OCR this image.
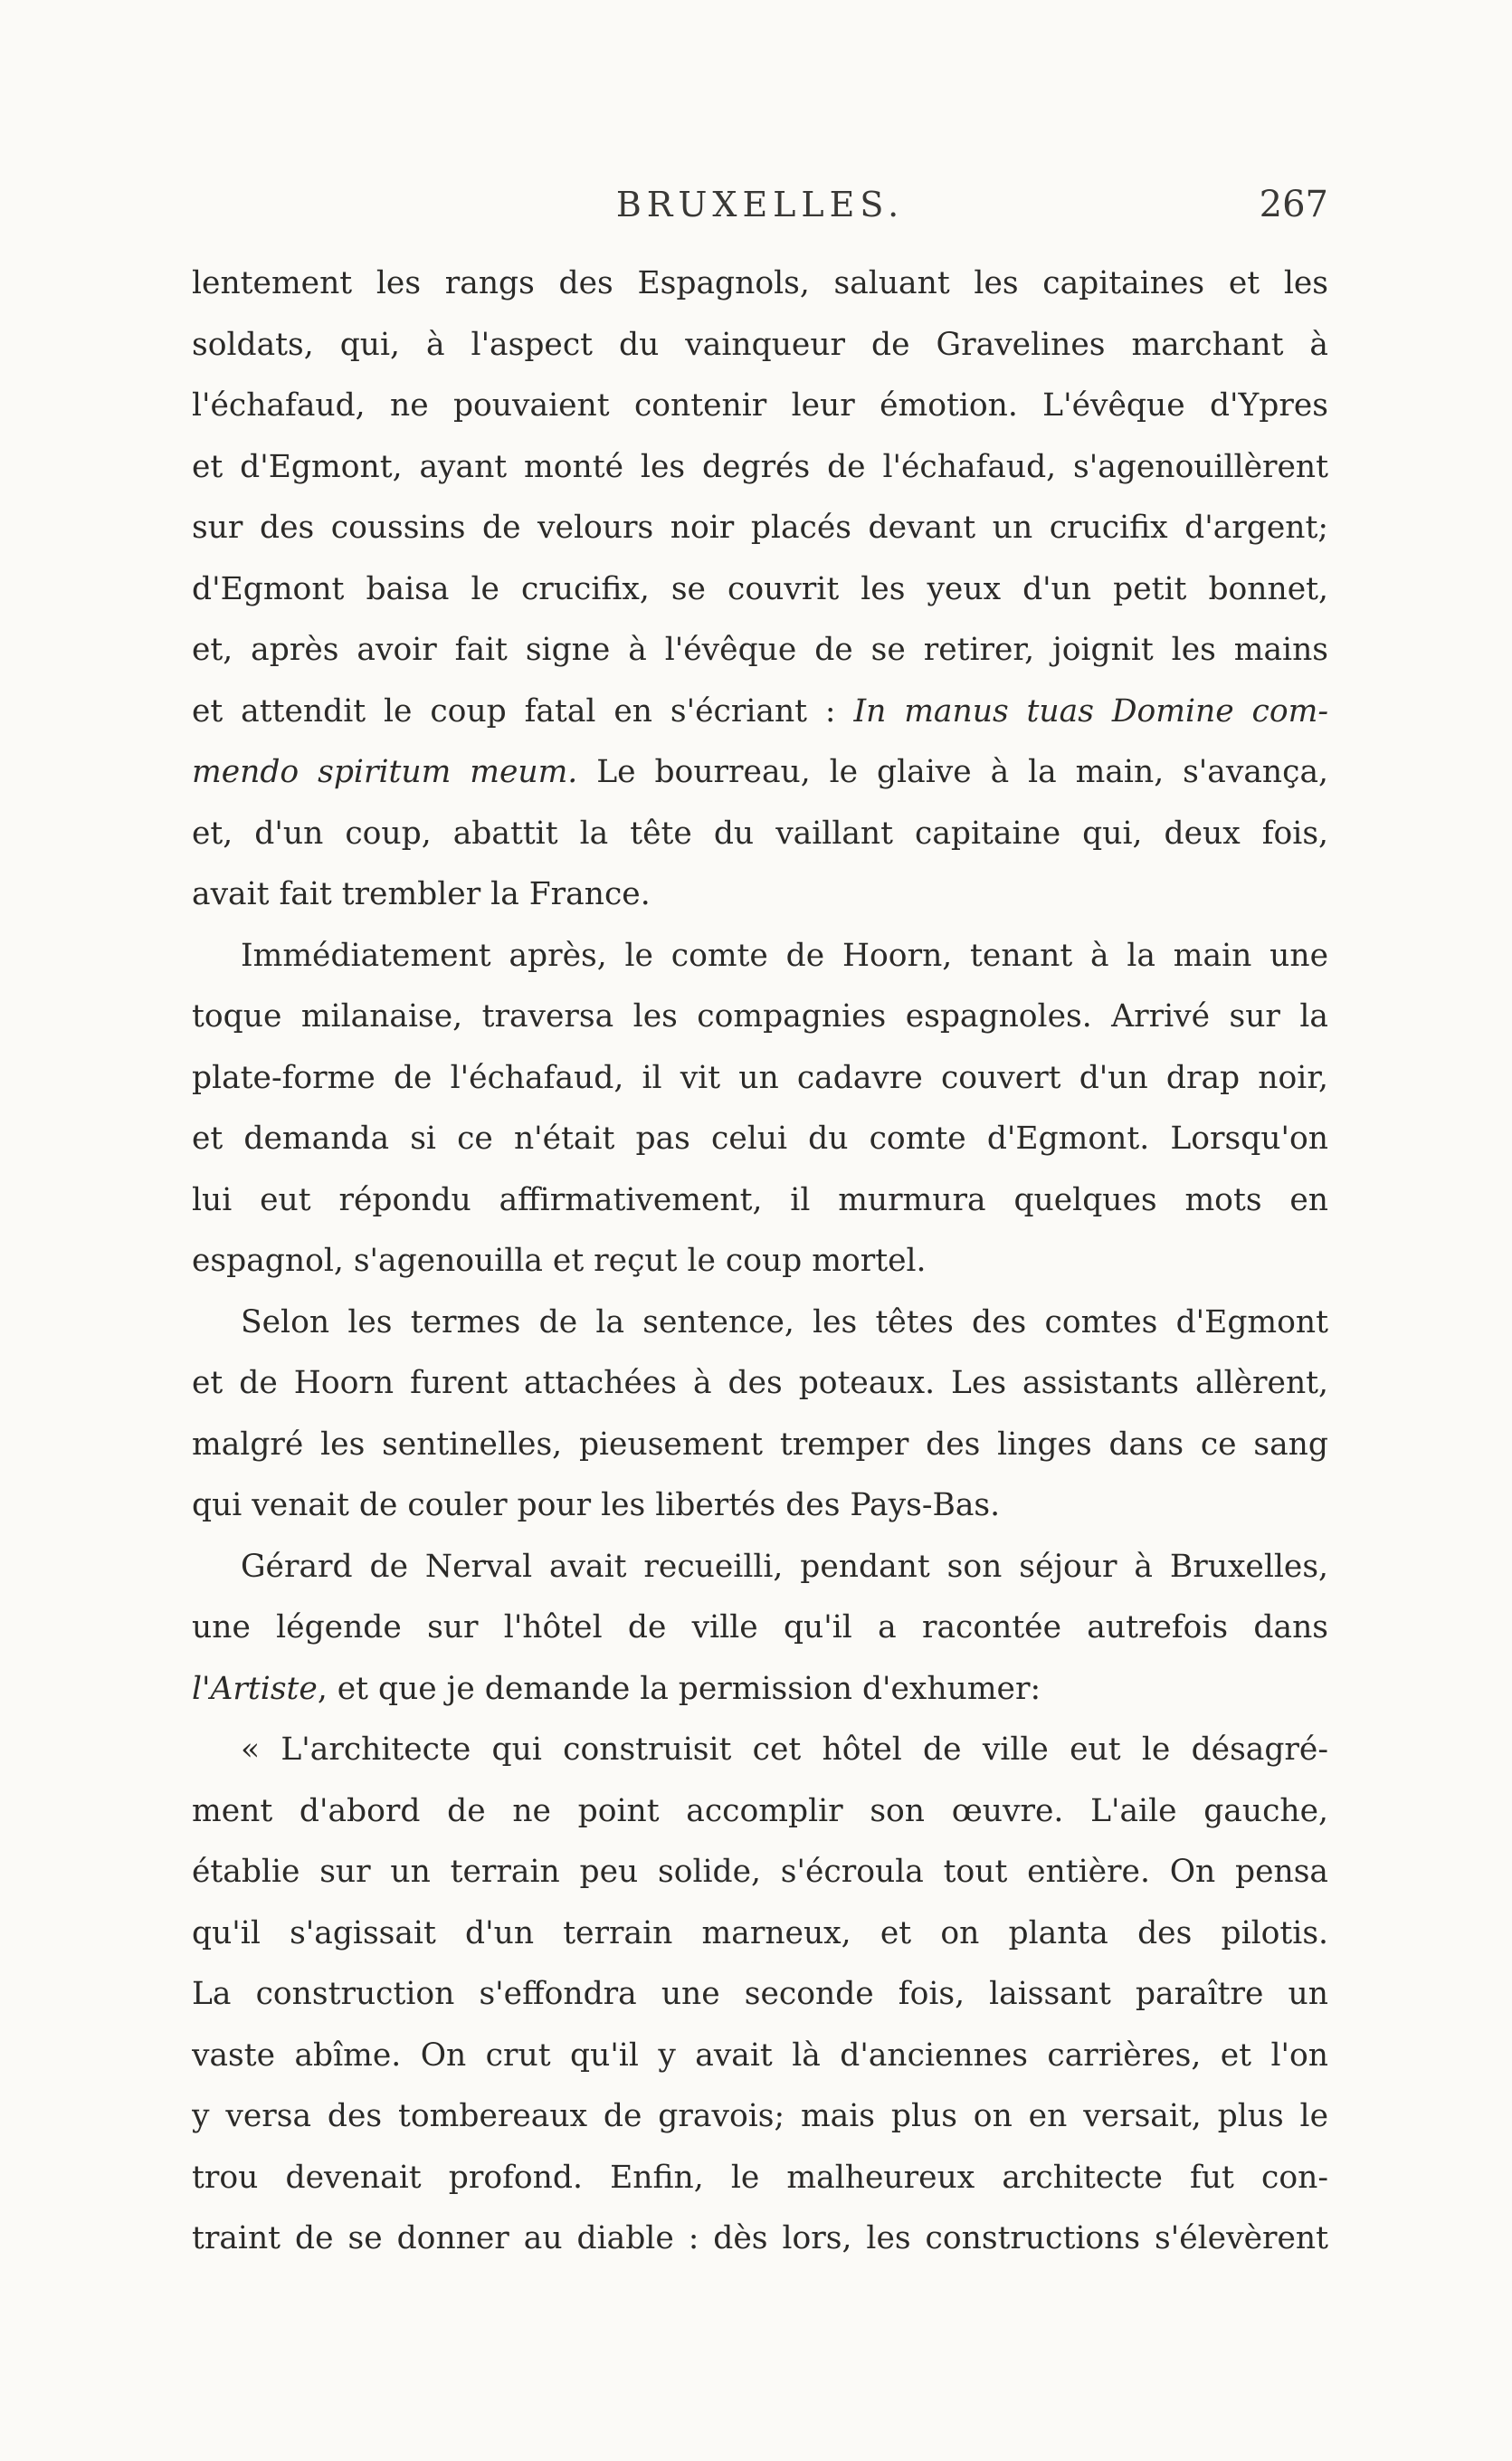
BRUXELLES.	267
lentement les rangs des Espagnols, saluant les capitaines et les
soldats, qui, à l'aspect du vainqueur de Gravelines marchant à
l'échafaud, ne pouvaient contenir leur émotion. L'évêque d'Ypres
et d'Egmont, ayant monté les degrés de l'échafaud, s'agenouillèrent
sur des coussins de velours noir placés devant un crucifix d'argent;
d'Egmont baisa le crucifix, se couvrit les yeux d'un petit bonnet,
et, après avoir fait signe à l'évêque de se retirer, joignit les mains
et attendit le coup fatal en s'écriant : In manus tuas Domine com-
mendo spiritum meum. Le bourreau, le glaive à la main, s'avança,
et, d'un coup, abattit la tête du vaillant capitaine qui, deux fois,
avait fait trembler la France.
Immédiatement après, le comte de Hoorn, tenant à la main une
toque milanaise, traversa les compagnies espagnoles. Arrivé sur la
plate-forme de l'échafaud, il vit un cadavre couvert d'un drap noir,
et demanda si ce n'était pas celui du comte d'Egmont. Lorsqu'on
lui eut répondu affirmativement, il murmura quelques mots en
espagnol, s'agenouilla et reçut le coup mortel.
Selon les termes de la sentence, les têtes des comtes d'Egmont
et de Hoorn furent attachées à des poteaux. Les assistants allèrent,
malgré les sentinelles, pieusement tremper des linges dans ce sang
qui venait de couler pour les libertés des Pays-Bas.
Gérard de Nerval avait recueilli, pendant son séjour à Bruxelles,
une légende sur l'hôtel de ville qu'il a racontée autrefois dans
l'Artiste, et que je demande la permission d'exhumer:
« L'architecte qui construisit cet hôtel de ville eut le désagré-
ment d'abord de ne point accomplir son œuvre. L'aile gauche,
établie sur un terrain peu solide, s'écroula tout entière. On pensa
qu'il s'agissait d'un terrain marneux, et on planta des pilotis.
La construction s'effondra une seconde fois, laissant paraître un
vaste abîme. On crut qu'il y avait là d'anciennes carrières, et l'on
y versa des tombereaux de gravois; mais plus on en versait, plus le
trou devenait profond. Enfin, le malheureux architecte fut con-
traint de se donner au diable : dès lors, les constructions s'élevèrent
